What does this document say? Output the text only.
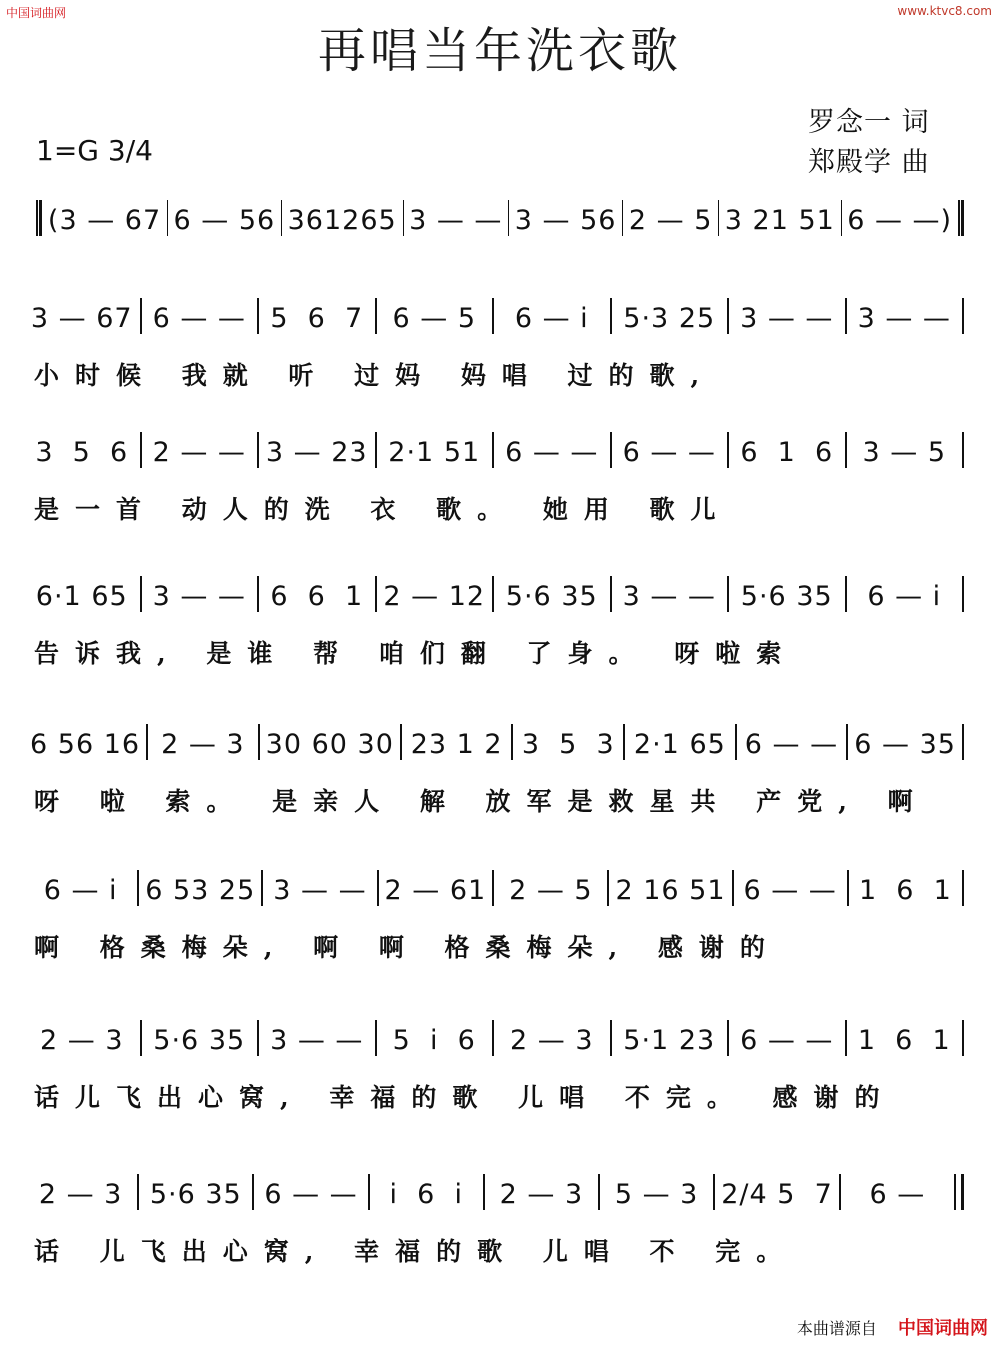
中国词曲网	www.ktvc8.com
再唱当年洗衣歌
1=G 3/4
罗念一 词
郑殿学 曲
(3 — 67 6 — 56 361265 3 — — 3 — 56 2 — 5 3 21 51 6 — —)
3 — 67 6 — — 5  6  7	6 — 5	6 — i	5·3 25 3 — — 3 — —
小时候 我就 听 过妈 妈唱 过的歌,
3  5  6 2 — — 3 — 23 2·1 51 6 — — 6 — — 6  1  6	3 — 5
是一首 动人的洗 衣 歌。 她用 歌儿
6·1 65 3 — — 6  6  1 2 — 12 5·6 35 3 — — 5·6 35	6 — i
告诉我, 是谁 帮 咱们翻 了身。 呀啦索
6 56 16 2 — 3 30 60 30 23 1 2 3  5  3 2·1 65 6 — — 6 — 35
呀 啦 索。 是亲人 解 放军是救星共 产党, 啊
6 — i	6 53 25 3 — — 2 — 61 2 — 5 2 16 51 6 — — 1  6  1
啊 格桑梅朵, 啊 啊 格桑梅朵, 感谢的
2 — 3	5·6 35 3 — —	5  i  6	2 — 3	5·1 23 6 — — 1  6  1
话儿飞出心窝, 幸福的歌 儿唱 不完。 感谢的
2 — 3	5·6 35 6 — —	i  6  i	2 — 3	5 — 3 2/4 5  7	6 —
话 儿飞出心窝, 幸福的歌 儿唱 不 完。
本曲谱源自 中国词曲网
